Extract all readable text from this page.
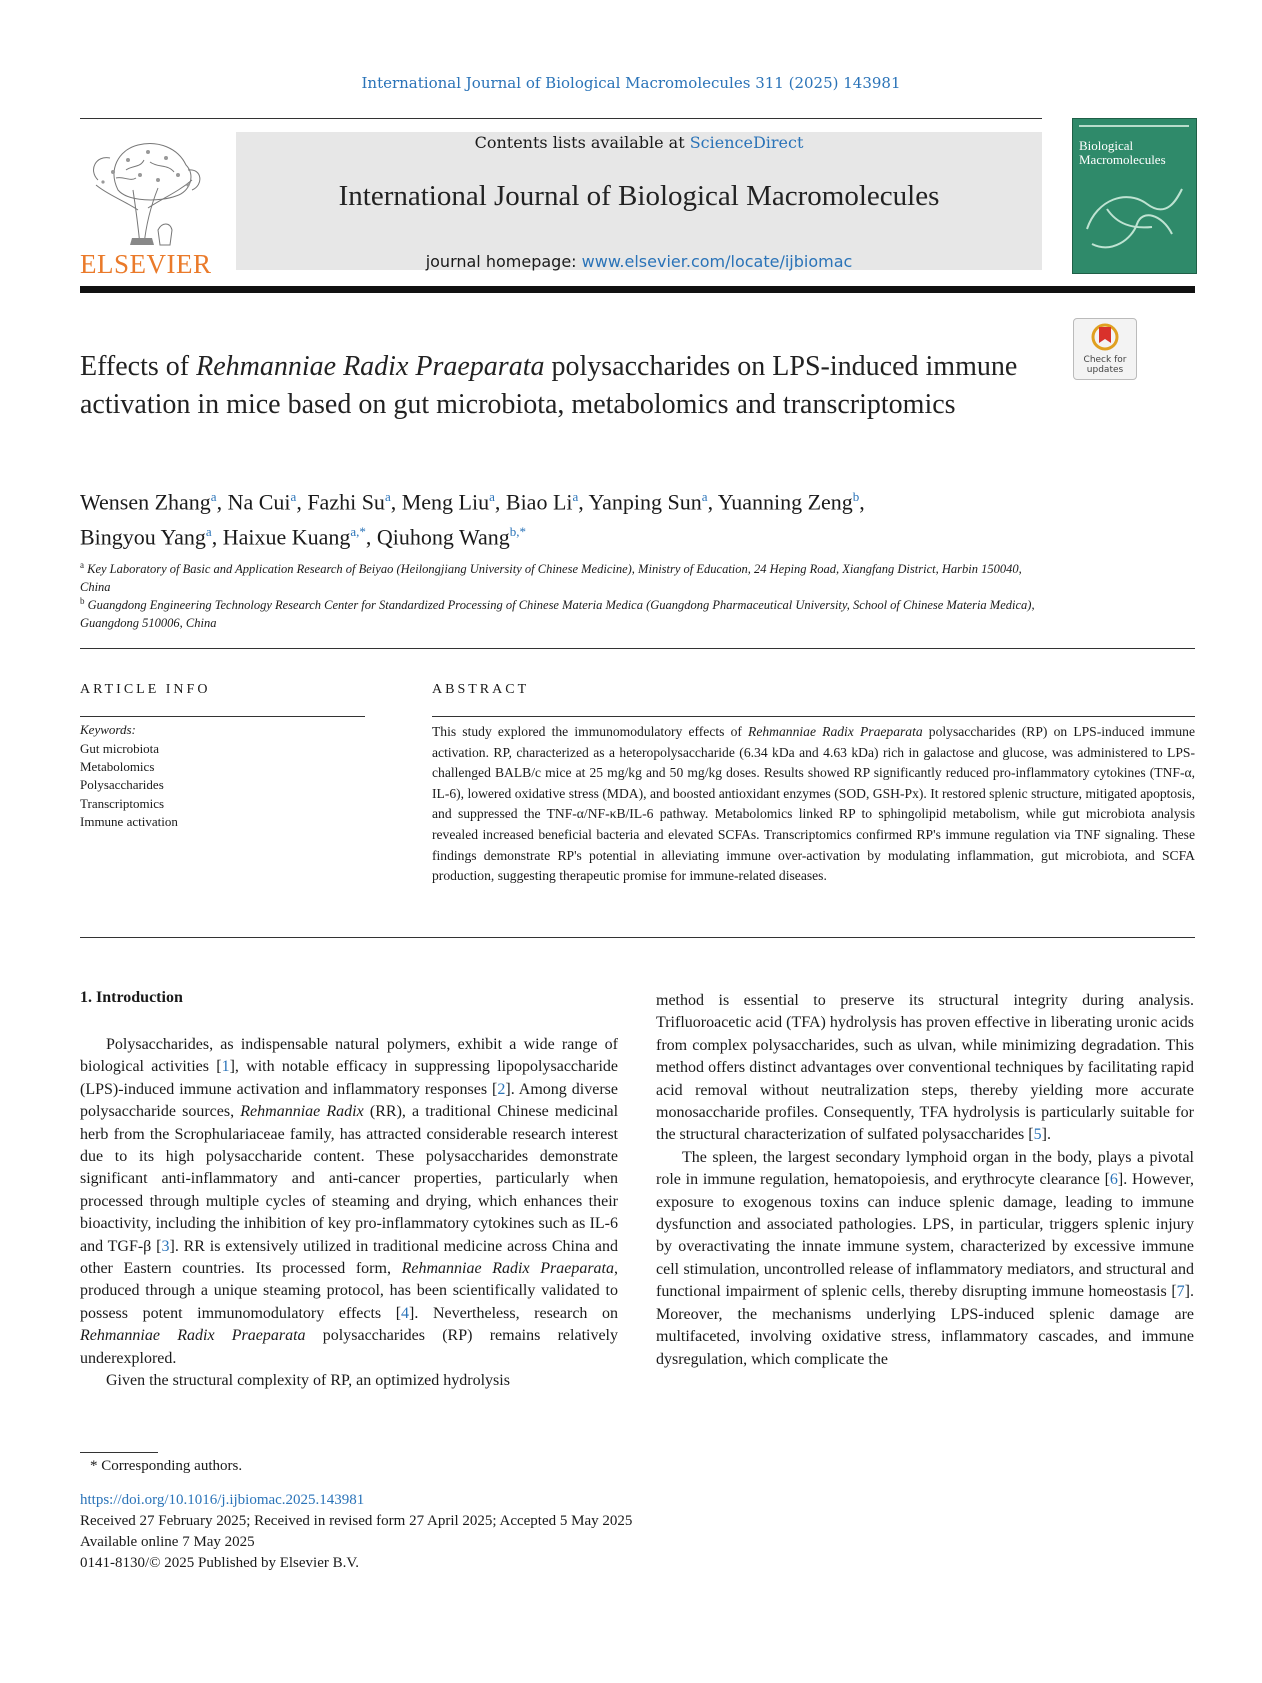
International Journal of Biological Macromolecules 311 (2025) 143981
ELSEVIER
Contents lists available at ScienceDirect
International Journal of Biological Macromolecules
journal homepage: www.elsevier.com/locate/ijbiomac
Biological Macromolecules
Check for updates
Effects of Rehmanniae Radix Praeparata polysaccharides on LPS-induced immune activation in mice based on gut microbiota, metabolomics and transcriptomics
Wensen Zhang$^a$, Na Cui$^a$, Fazhi Su$^a$, Meng Liu$^a$, Biao Li$^a$, Yanping Sun$^a$, Yuanning Zeng$^b$,
Bingyou Yang$^a$, Haixue Kuang$^{a,*}$, Qiuhong Wang$^{b,*}$
$^a$ Key Laboratory of Basic and Application Research of Beiyao (Heilongjiang University of Chinese Medicine), Ministry of Education, 24 Heping Road, Xiangfang District, Harbin 150040, China
$^b$ Guangdong Engineering Technology Research Center for Standardized Processing of Chinese Materia Medica (Guangdong Pharmaceutical University, School of Chinese Materia Medica), Guangdong 510006, China
ARTICLE INFO	ABSTRACT
Keywords:
Gut microbiota
Metabolomics
Polysaccharides
Transcriptomics
Immune activation

This study explored the immunomodulatory effects of Rehmanniae Radix Praeparata polysaccharides (RP) on LPS-induced immune activation. RP, characterized as a heteropolysaccharide (6.34 kDa and 4.63 kDa) rich in galactose and glucose, was administered to LPS-challenged BALB/c mice at 25 mg/kg and 50 mg/kg doses. Results showed RP significantly reduced pro-inflammatory cytokines (TNF-α, IL-6), lowered oxidative stress (MDA), and boosted antioxidant enzymes (SOD, GSH-Px). It restored splenic structure, mitigated apoptosis, and suppressed the TNF-α/NF-κB/IL-6 pathway. Metabolomics linked RP to sphingolipid metabolism, while gut microbiota analysis revealed increased beneficial bacteria and elevated SCFAs. Transcriptomics confirmed RP's immune regulation via TNF signaling. These findings demonstrate RP's potential in alleviating immune over-activation by modulating inflammation, gut microbiota, and SCFA production, suggesting therapeutic promise for immune-related diseases.

1. Introduction

Polysaccharides, as indispensable natural polymers, exhibit a wide range of biological activities [1], with notable efficacy in suppressing lipopolysaccharide (LPS)-induced immune activation and inflammatory responses [2]. Among diverse polysaccharide sources, Rehmanniae Radix (RR), a traditional Chinese medicinal herb from the Scrophulariaceae family, has attracted considerable research interest due to its high polysaccharide content. These polysaccharides demonstrate significant anti-inflammatory and anti-cancer properties, particularly when processed through multiple cycles of steaming and drying, which enhances their bioactivity, including the inhibition of key pro-inflammatory cytokines such as IL-6 and TGF-β [3]. RR is extensively utilized in traditional medicine across China and other Eastern countries. Its processed form, Rehmanniae Radix Praeparata, produced through a unique steaming protocol, has been scientifically validated to possess potent immunomodulatory effects [4]. Nevertheless, research on Rehmanniae Radix Praeparata polysaccharides (RP) remains relatively underexplored.

Given the structural complexity of RP, an optimized hydrolysis

method is essential to preserve its structural integrity during analysis. Trifluoroacetic acid (TFA) hydrolysis has proven effective in liberating uronic acids from complex polysaccharides, such as ulvan, while minimizing degradation. This method offers distinct advantages over conventional techniques by facilitating rapid acid removal without neutralization steps, thereby yielding more accurate monosaccharide profiles. Consequently, TFA hydrolysis is particularly suitable for the structural characterization of sulfated polysaccharides [5].

The spleen, the largest secondary lymphoid organ in the body, plays a pivotal role in immune regulation, hematopoiesis, and erythrocyte clearance [6]. However, exposure to exogenous toxins can induce splenic damage, leading to immune dysfunction and associated pathologies. LPS, in particular, triggers splenic injury by overactivating the innate immune system, characterized by excessive immune cell stimulation, uncontrolled release of inflammatory mediators, and structural and functional impairment of splenic cells, thereby disrupting immune homeostasis [7]. Moreover, the mechanisms underlying LPS-induced splenic damage are multifaceted, involving oxidative stress, inflammatory cascades, and immune dysregulation, which complicate the

* Corresponding authors.
https://doi.org/10.1016/j.ijbiomac.2025.143981
Received 27 February 2025; Received in revised form 27 April 2025; Accepted 5 May 2025
Available online 7 May 2025
0141-8130/© 2025 Published by Elsevier B.V.
